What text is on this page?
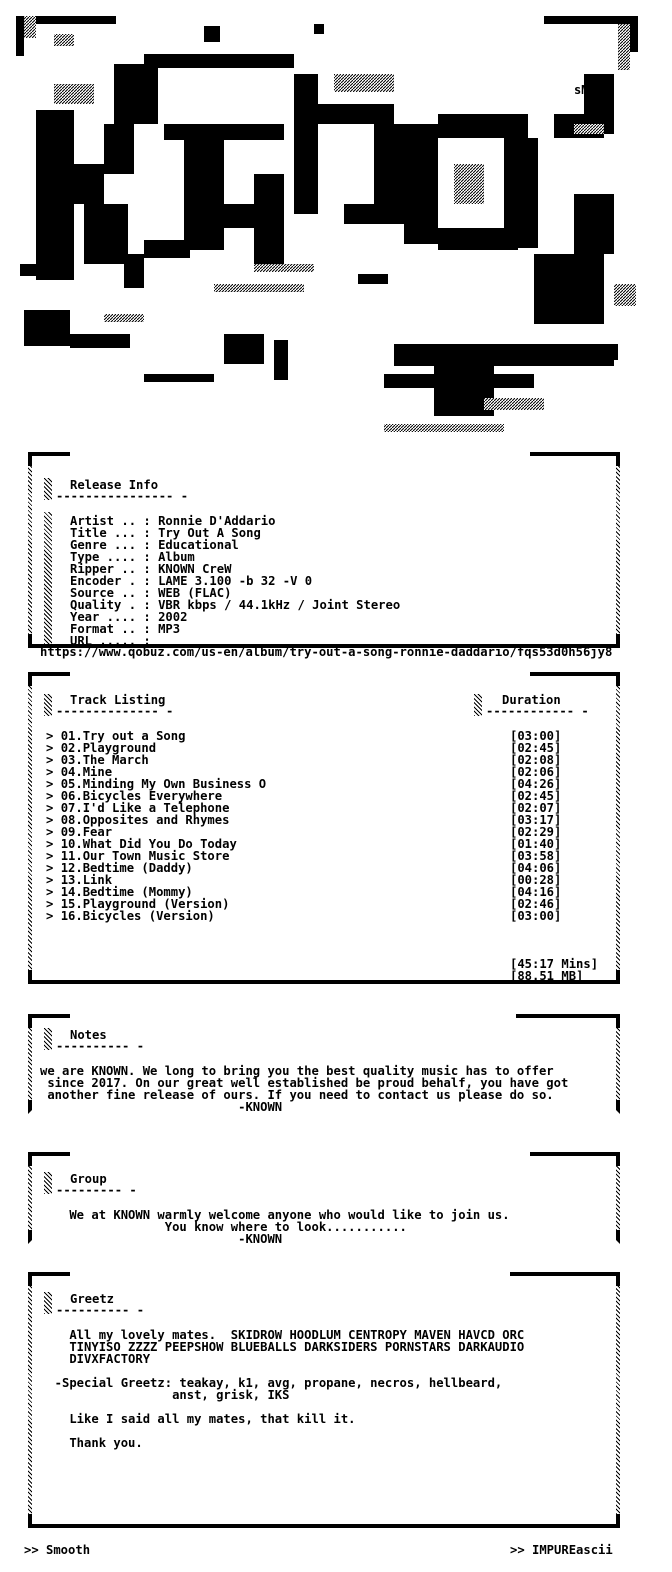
sM
Release Info
---------------- -
Artist .. : Ronnie D'Addario
Title ... : Try Out A Song
Genre ... : Educational
Type .... : Album
Ripper .. : KNOWN CreW
Encoder . : LAME 3.100 -b 32 -V 0
Source .. : WEB (FLAC)
Quality . : VBR kbps / 44.1kHz / Joint Stereo
Year .... : 2002
Format .. : MP3
URL ..... :
https://www.qobuz.com/us-en/album/try-out-a-song-ronnie-daddario/fqs53d0h56jy8
Track Listing
-------------- -
Duration
------------ -
> 01.Try out a Song	[03:00]
> 02.Playground	[02:45]
> 03.The March	[02:08]
> 04.Mine	[02:06]
> 05.Minding My Own Business O	[04:26]
> 06.Bicycles Everywhere	[02:45]
> 07.I'd Like a Telephone	[02:07]
> 08.Opposites and Rhymes	[03:17]
> 09.Fear	[02:29]
> 10.What Did You Do Today	[01:40]
> 11.Our Town Music Store	[03:58]
> 12.Bedtime (Daddy)	[04:06]
> 13.Link	[00:28]
> 14.Bedtime (Mommy)	[04:16]
> 15.Playground (Version)	[02:46]
> 16.Bicycles (Version)	[03:00]
[45:17 Mins]
[88.51 MB]
Notes
---------- -
we are KNOWN. We long to bring you the best quality music has to offer
since 2017. On our great well established be proud behalf, you have got
another fine release of ours. If you need to contact us please do so.
-KNOWN
Group
--------- -
We at KNOWN warmly welcome anyone who would like to join us.
You know where to look...........
-KNOWN
Greetz
---------- -
All my lovely mates.  SKIDROW HOODLUM CENTROPY MAVEN HAVCD ORC
TINYISO ZZZZ PEEPSHOW BLUEBALLS DARKSIDERS PORNSTARS DARKAUDIO
DIVXFACTORY
-Special Greetz: teakay, k1, avg, propane, necros, hellbeard,
anst, grisk, IKS
Like I said all my mates, that kill it.
Thank you.
>> Smooth	>> IMPUREascii
